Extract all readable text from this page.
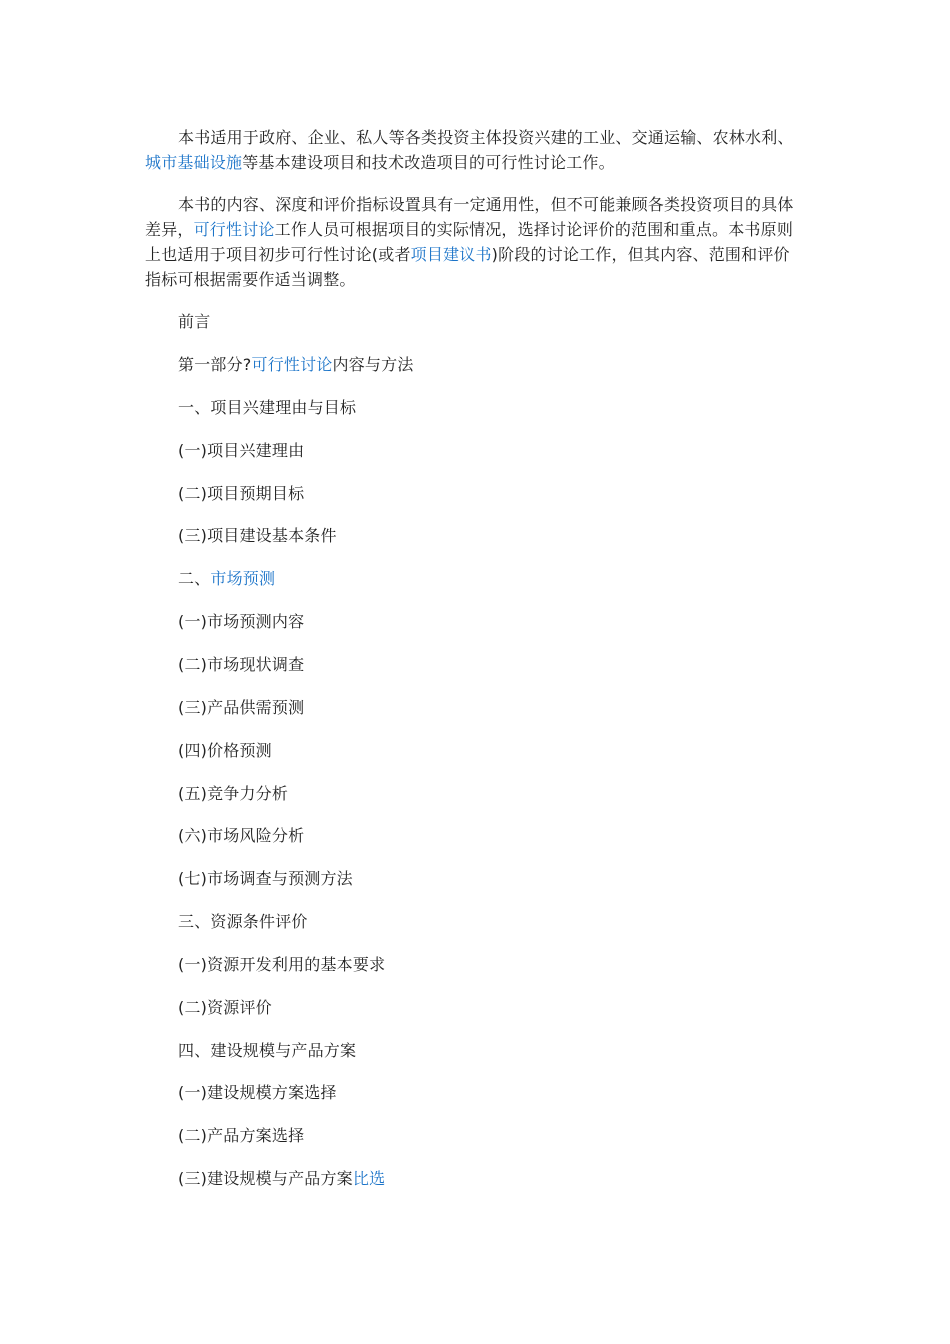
本书适用于政府、企业、私人等各类投资主体投资兴建的工业、交通运输、农林水利、城市基础设施等基本建设项目和技术改造项目的可行性讨论工作。

本书的内容、深度和评价指标设置具有一定通用性，但不可能兼顾各类投资项目的具体差异，可行性讨论工作人员可根据项目的实际情况，选择讨论评价的范围和重点。本书原则上也适用于项目初步可行性讨论(或者项目建议书)阶段的讨论工作，但其内容、范围和评价指标可根据需要作适当调整。

前言
第一部分?可行性讨论内容与方法
一、项目兴建理由与目标
(一)项目兴建理由
(二)项目预期目标
(三)项目建设基本条件
二、市场预测
(一)市场预测内容
(二)市场现状调查
(三)产品供需预测
(四)价格预测
(五)竞争力分析
(六)市场风险分析
(七)市场调查与预测方法
三、资源条件评价
(一)资源开发利用的基本要求
(二)资源评价
四、建设规模与产品方案
(一)建设规模方案选择
(二)产品方案选择
(三)建设规模与产品方案比选
